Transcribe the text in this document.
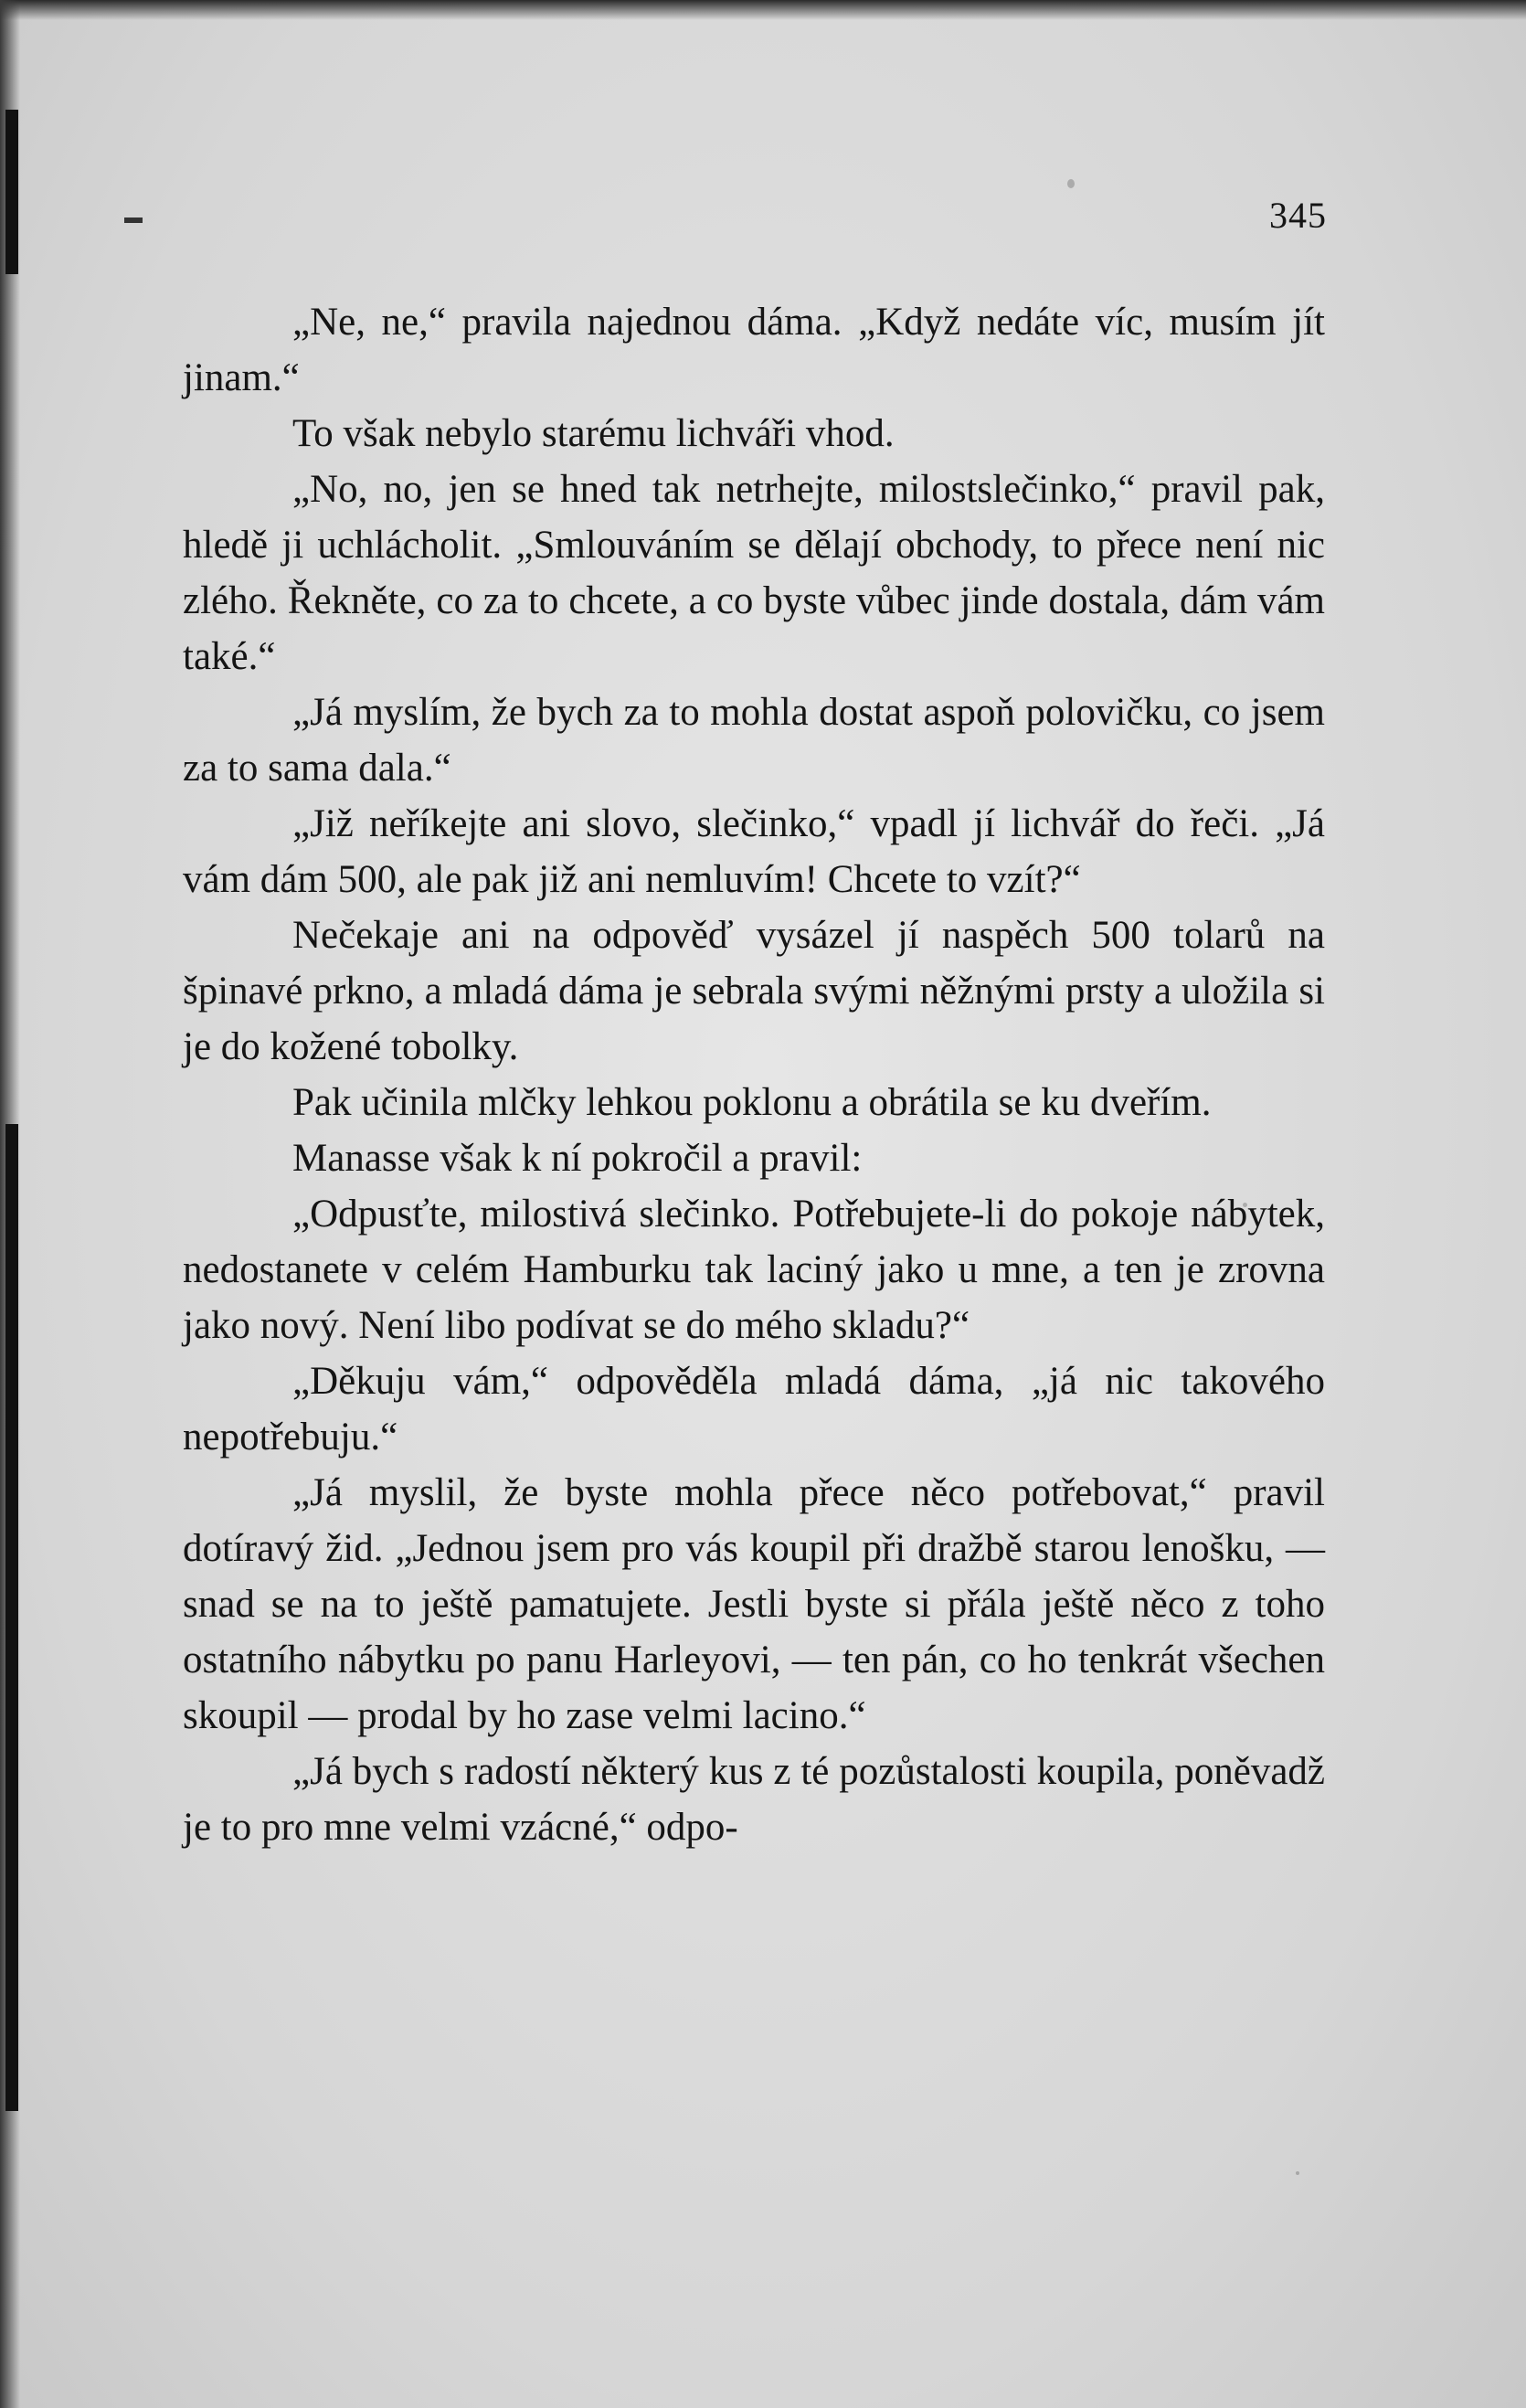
345

„Ne, ne,“ pravila najednou dáma. „Když nedáte víc, musím jít jinam.“

To však nebylo starému lichváři vhod.

„No, no, jen se hned tak netrhejte, milostslečinko,“ pravil pak, hledě ji uchlácholit. „Smlouváním se dělají obchody, to přece není nic zlého. Řekněte, co za to chcete, a co byste vůbec jinde dostala, dám vám také.“

„Já myslím, že bych za to mohla dostat aspoň polovičku, co jsem za to sama dala.“

„Již neříkejte ani slovo, slečinko,“ vpadl jí lichvář do řeči. „Já vám dám 500, ale pak již ani nemluvím! Chcete to vzít?“

Nečekaje ani na odpověď vysázel jí naspěch 500 tolarů na špinavé prkno, a mladá dáma je sebrala svými něžnými prsty a uložila si je do kožené tobolky.

Pak učinila mlčky lehkou poklonu a obrátila se ku dveřím.

Manasse však k ní pokročil a pravil:

„Odpusťte, milostivá slečinko. Potřebujete-li do pokoje nábytek, nedostanete v celém Hamburku tak laciný jako u mne, a ten je zrovna jako nový. Není libo podívat se do mého skladu?“

„Děkuju vám,“ odpověděla mladá dáma, „já nic takového nepotřebuju.“

„Já myslil, že byste mohla přece něco potřebovat,“ pravil dotíravý žid. „Jednou jsem pro vás koupil při dražbě starou lenošku, — snad se na to ještě pamatujete. Jestli byste si přála ještě něco z toho ostatního nábytku po panu Harleyovi, — ten pán, co ho tenkrát všechen skoupil — prodal by ho zase velmi lacino.“

„Já bych s radostí některý kus z té pozůstalosti koupila, poněvadž je to pro mne velmi vzácné,“ odpo-
